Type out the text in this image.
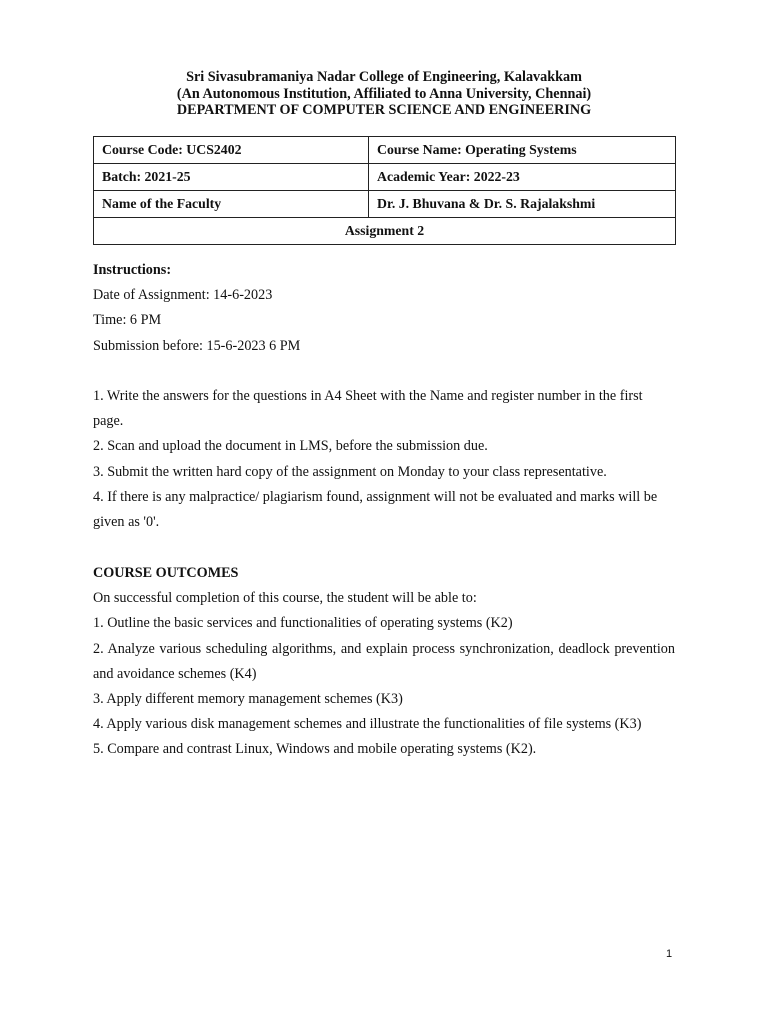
Sri Sivasubramaniya Nadar College of Engineering, Kalavakkam
(An Autonomous Institution, Affiliated to Anna University, Chennai)
DEPARTMENT OF COMPUTER SCIENCE AND ENGINEERING
Course Code: UCS2402	Course Name: Operating Systems
Batch: 2021-25	Academic Year: 2022-23
Name of the Faculty	Dr. J. Bhuvana & Dr. S. Rajalakshmi
Assignment 2	

Instructions:

Date of Assignment: 14-6-2023

Time: 6 PM

Submission before: 15-6-2023 6 PM

1. Write the answers for the questions in A4 Sheet with the Name and register number in the first page.

2. Scan and upload the document in LMS, before the submission due.

3. Submit the written hard copy of the assignment on Monday to your class representative.

4. If there is any malpractice/ plagiarism found, assignment will not be evaluated and marks will be given as '0'.

COURSE OUTCOMES

On successful completion of this course, the student will be able to:

1. Outline the basic services and functionalities of operating systems (K2)

2. Analyze various scheduling algorithms, and explain process synchronization, deadlock prevention and avoidance schemes (K4)

3. Apply different memory management schemes (K3)

4. Apply various disk management schemes and illustrate the functionalities of file systems (K3)

5. Compare and contrast Linux, Windows and mobile operating systems (K2).

1
